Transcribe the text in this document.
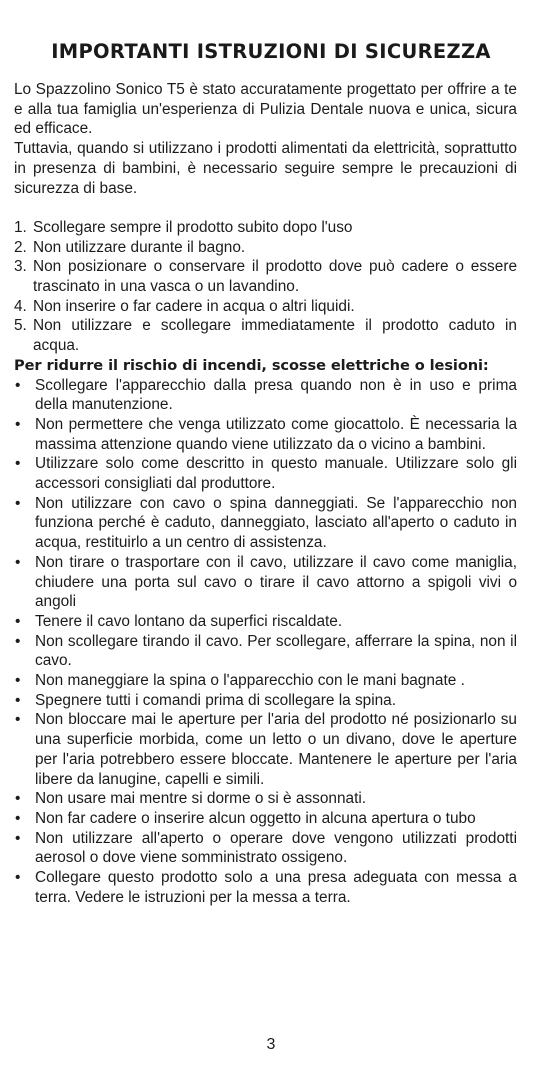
IMPORTANTI ISTRUZIONI DI SICUREZZA

Lo Spazzolino Sonico T5 è stato accuratamente progettato per offrire a te e alla tua famiglia un'esperienza di Pulizia Dentale nuova e unica, sicura ed efficace.

Tuttavia, quando si utilizzano i prodotti alimentati da elettricità, soprattutto in presenza di bambini, è necessario seguire sempre le precauzioni di sicurezza di base.

1. Scollegare sempre il prodotto subito dopo l'uso
2. Non utilizzare durante il bagno.
3. Non posizionare o conservare il prodotto dove può cadere o essere trascinato in una vasca o un lavandino.
4. Non inserire o far cadere in acqua o altri liquidi.
5. Non utilizzare e scollegare immediatamente il prodotto caduto in acqua.
Per ridurre il rischio di incendi, scosse elettriche o lesioni:
• Scollegare l'apparecchio dalla presa quando non è in uso e prima della manutenzione.
• Non permettere che venga utilizzato come giocattolo. È necessaria la massima attenzione quando viene utilizzato da o vicino a bambini.
• Utilizzare solo come descritto in questo manuale. Utilizzare solo gli accessori consigliati dal produttore.
• Non utilizzare con cavo o spina danneggiati. Se l'apparecchio non funziona perché è caduto, danneggiato, lasciato all'aperto o caduto in acqua, restituirlo a un centro di assistenza.
• Non tirare o trasportare con il cavo, utilizzare il cavo come maniglia, chiudere una porta sul cavo o tirare il cavo attorno a spigoli vivi o angoli
• Tenere il cavo lontano da superfici riscaldate.
• Non scollegare tirando il cavo. Per scollegare, afferrare la spina, non il cavo.
• Non maneggiare la spina o l'apparecchio con le mani bagnate .
• Spegnere tutti i comandi prima di scollegare la spina.
• Non bloccare mai le aperture per l'aria del prodotto né posizionarlo su una superficie morbida, come un letto o un divano, dove le aperture per l'aria potrebbero essere bloccate. Mantenere le aperture per l'aria libere da lanugine, capelli e simili.
• Non usare mai mentre si dorme o si è assonnati.
• Non far cadere o inserire alcun oggetto in alcuna apertura o tubo
• Non utilizzare all'aperto o operare dove vengono utilizzati prodotti aerosol o dove viene somministrato ossigeno.
• Collegare questo prodotto solo a una presa adeguata con messa a terra. Vedere le istruzioni per la messa a terra.
3
